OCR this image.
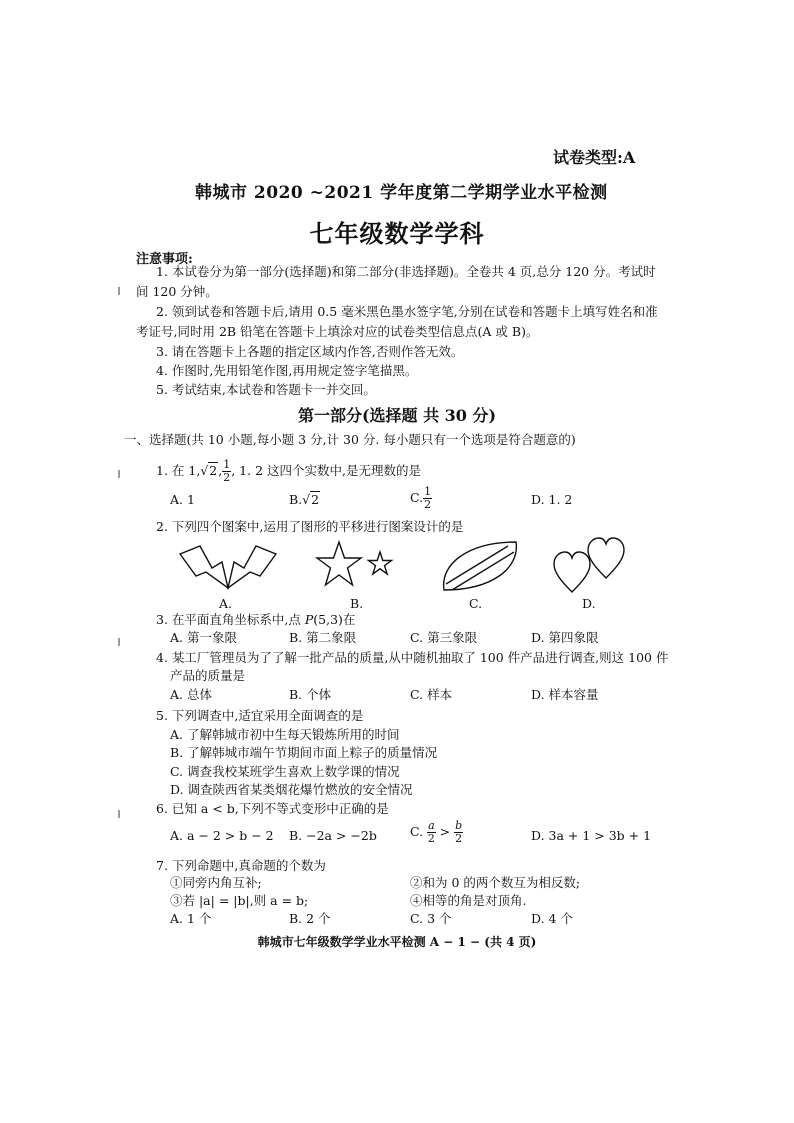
试卷类型:A
韩城市 2020 ~2021 学年度第二学期学业水平检测
七年级数学学科
注意事项:
1. 本试卷分为第一部分(选择题)和第二部分(非选择题)。全卷共 4 页,总分 120 分。考试时
间 120 分钟。
2. 领到试卷和答题卡后,请用 0.5 毫米黑色墨水签字笔,分别在试卷和答题卡上填写姓名和准
考证号,同时用 2B 铅笔在答题卡上填涂对应的试卷类型信息点(A 或 B)。
3. 请在答题卡上各题的指定区域内作答,否则作答无效。
4. 作图时,先用铅笔作图,再用规定签字笔描黑。
5. 考试结束,本试卷和答题卡一并交回。
第一部分(选择题 共 30 分)
一、选择题(共 10 小题,每小题 3 分,计 30 分. 每小题只有一个选项是符合题意的)
1. 在 1,√2, $\frac{1}{2}$ , 1. 2 这四个实数中,是无理数的是
A. 1	B.√2	C. $\frac{1}{2}$	D. 1. 2
2. 下列四个图案中,运用了图形的平移进行图案设计的是
A.	B.	C.	D.
3. 在平面直角坐标系中,点 P(5,3)在
A. 第一象限	B. 第二象限	C. 第三象限	D. 第四象限
4. 某工厂管理员为了了解一批产品的质量,从中随机抽取了 100 件产品进行调查,则这 100 件
产品的质量是
A. 总体	B. 个体	C. 样本	D. 样本容量
5. 下列调查中,适宜采用全面调查的是
A. 了解韩城市初中生每天锻炼所用的时间
B. 了解韩城市端午节期间市面上粽子的质量情况
C. 调查我校某班学生喜欢上数学课的情况
D. 调查陕西省某类烟花爆竹燃放的安全情况
6. 已知 a < b,下列不等式变形中正确的是
A. a − 2 > b − 2 B. −2a > −2b	C. $\frac{a}{2} > \frac{b}{2}$	D. 3a + 1 > 3b + 1
7. 下列命题中,真命题的个数为
①同旁内角互补;	②和为 0 的两个数互为相反数;
③若 |a| = |b|,则 a = b;	④相等的角是对顶角.
A. 1 个	B. 2 个	C. 3 个	D. 4 个
韩城市七年级数学学业水平检测 A − 1 − (共 4 页)
